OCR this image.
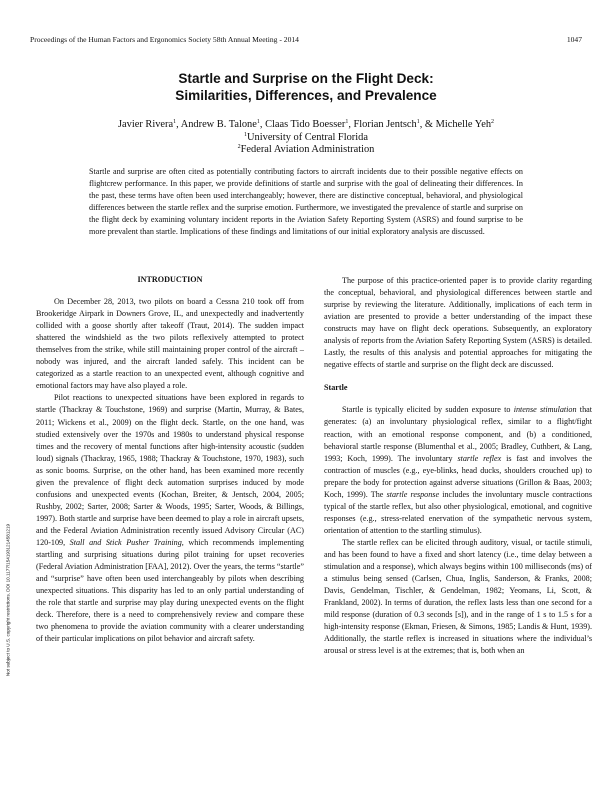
Proceedings of the Human Factors and Ergonomics Society 58th Annual Meeting - 2014	1047
Startle and Surprise on the Flight Deck:
Similarities, Differences, and Prevalence
Javier Rivera$^1$, Andrew B. Talone$^1$, Claas Tido Boesser$^1$, Florian Jentsch$^1$, & Michelle Yeh$^2$
$^1$University of Central Florida
$^2$Federal Aviation Administration
Startle and surprise are often cited as potentially contributing factors to aircraft incidents due to their possible negative effects on flightcrew performance. In this paper, we provide definitions of startle and surprise with the goal of delineating their differences. In the past, these terms have often been used interchangeably; however, there are distinctive conceptual, behavioral, and physiological differences between the startle reflex and the surprise emotion. Furthermore, we investigated the prevalence of startle and surprise on the flight deck by examining voluntary incident reports in the Aviation Safety Reporting System (ASRS) and found surprise to be more prevalent than startle. Implications of these findings and limitations of our initial exploratory analysis are discussed.
Not subject to U.S. copyright restrictions. DOI 10.1177/1541931214581219
INTRODUCTION

On December 28, 2013, two pilots on board a Cessna 210 took off from Brookeridge Airpark in Downers Grove, IL, and unexpectedly and inadvertently collided with a goose shortly after takeoff (Traut, 2014). The sudden impact shattered the windshield as the two pilots reflexively attempted to protect themselves from the strike, while still maintaining proper control of the aircraft – nobody was injured, and the aircraft landed safely. This incident can be categorized as a startle reaction to an unexpected event, although cognitive and emotional factors may have also played a role.

Pilot reactions to unexpected situations have been explored in regards to startle (Thackray & Touchstone, 1969) and surprise (Martin, Murray, & Bates, 2011; Wickens et al., 2009) on the flight deck. Startle, on the one hand, was studied extensively over the 1970s and 1980s to understand physical response times and the recovery of mental functions after high-intensity acoustic (sudden loud) signals (Thackray, 1965, 1988; Thackray & Touchstone, 1970, 1983), such as sonic booms. Surprise, on the other hand, has been examined more recently given the prevalence of flight deck automation surprises induced by mode confusions and unexpected events (Kochan, Breiter, & Jentsch, 2004, 2005; Rushby, 2002; Sarter, 2008; Sarter & Woods, 1995; Sarter, Woods, & Billings, 1997). Both startle and surprise have been deemed to play a role in aircraft upsets, and the Federal Aviation Administration recently issued Advisory Circular (AC) 120-109, Stall and Stick Pusher Training, which recommends implementing startling and surprising situations during pilot training for upset recoveries (Federal Aviation Administration [FAA], 2012). Over the years, the terms “startle” and “surprise” have often been used interchangeably by pilots when describing unexpected situations. This disparity has led to an only partial understanding of the role that startle and surprise may play during unexpected events on the flight deck. Therefore, there is a need to comprehensively review and compare these two phenomena to provide the aviation community with a clearer understanding of their particular implications on pilot behavior and aircraft safety.

The purpose of this practice-oriented paper is to provide clarity regarding the conceptual, behavioral, and physiological differences between startle and surprise by reviewing the literature. Additionally, implications of each term in aviation are presented to provide a better understanding of the impact these constructs may have on flight deck operations. Subsequently, an exploratory analysis of reports from the Aviation Safety Reporting System (ASRS) is detailed. Lastly, the results of this analysis and potential approaches for mitigating the negative effects of startle and surprise on the flight deck are discussed.

Startle

Startle is typically elicited by sudden exposure to intense stimulation that generates: (a) an involuntary physiological reflex, similar to a flight/fight reaction, with an emotional response component, and (b) a conditioned, behavioral startle response (Blumenthal et al., 2005; Bradley, Cuthbert, & Lang, 1993; Koch, 1999). The involuntary startle reflex is fast and involves the contraction of muscles (e.g., eye-blinks, head ducks, shoulders crouched up) to prepare the body for protection against adverse situations (Grillon & Baas, 2003; Koch, 1999). The startle response includes the involuntary muscle contractions typical of the startle reflex, but also other physiological, emotional, and cognitive responses (e.g., stress-related enervation of the sympathetic nervous system, orientation of attention to the startling stimulus).

The startle reflex can be elicited through auditory, visual, or tactile stimuli, and has been found to have a fixed and short latency (i.e., time delay between a stimulation and a response), which always begins within 100 milliseconds (ms) of a stimulus being sensed (Carlsen, Chua, Inglis, Sanderson, & Franks, 2008; Davis, Gendelman, Tischler, & Gendelman, 1982; Yeomans, Li, Scott, & Frankland, 2002). In terms of duration, the reflex lasts less than one second for a mild response (duration of 0.3 seconds [s]), and in the range of 1 s to 1.5 s for a high-intensity response (Ekman, Friesen, & Simons, 1985; Landis & Hunt, 1939). Additionally, the startle reflex is increased in situations where the individual’s arousal or stress level is at the extremes; that is, both when an
